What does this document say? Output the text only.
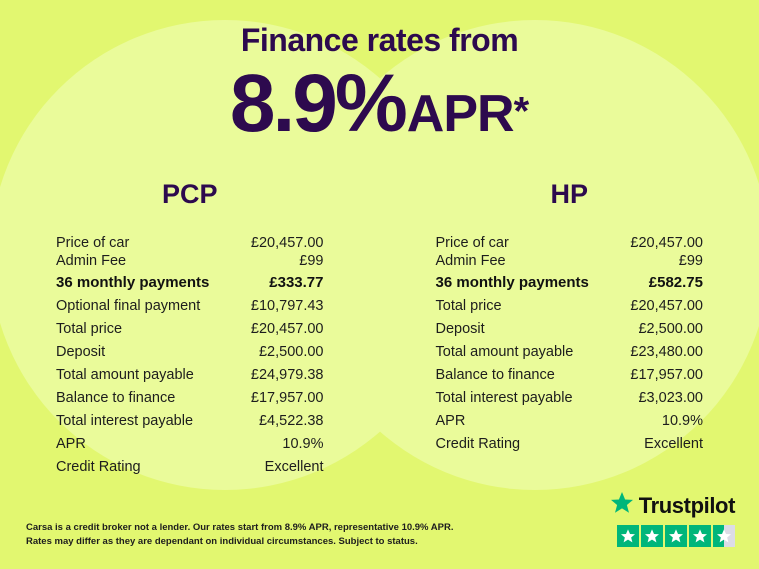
Finance rates from
8.9%APR*
PCP
Price of car	£20,457.00
Admin Fee	£99
36 monthly payments	£333.77
Optional final payment	£10,797.43
Total price	£20,457.00
Deposit	£2,500.00
Total amount payable	£24,979.38
Balance to finance	£17,957.00
Total interest payable	£4,522.38
APR	10.9%
Credit Rating	Excellent
HP
Price of car	£20,457.00
Admin Fee	£99
36 monthly payments	£582.75
Total price	£20,457.00
Deposit	£2,500.00
Total amount payable	£23,480.00
Balance to finance	£17,957.00
Total interest payable	£3,023.00
APR	10.9%
Credit Rating	Excellent

Carsa is a credit broker not a lender. Our rates start from 8.9% APR, representative 10.9% APR.

Rates may differ as they are dependant on individual circumstances. Subject to status.

Trustpilot
